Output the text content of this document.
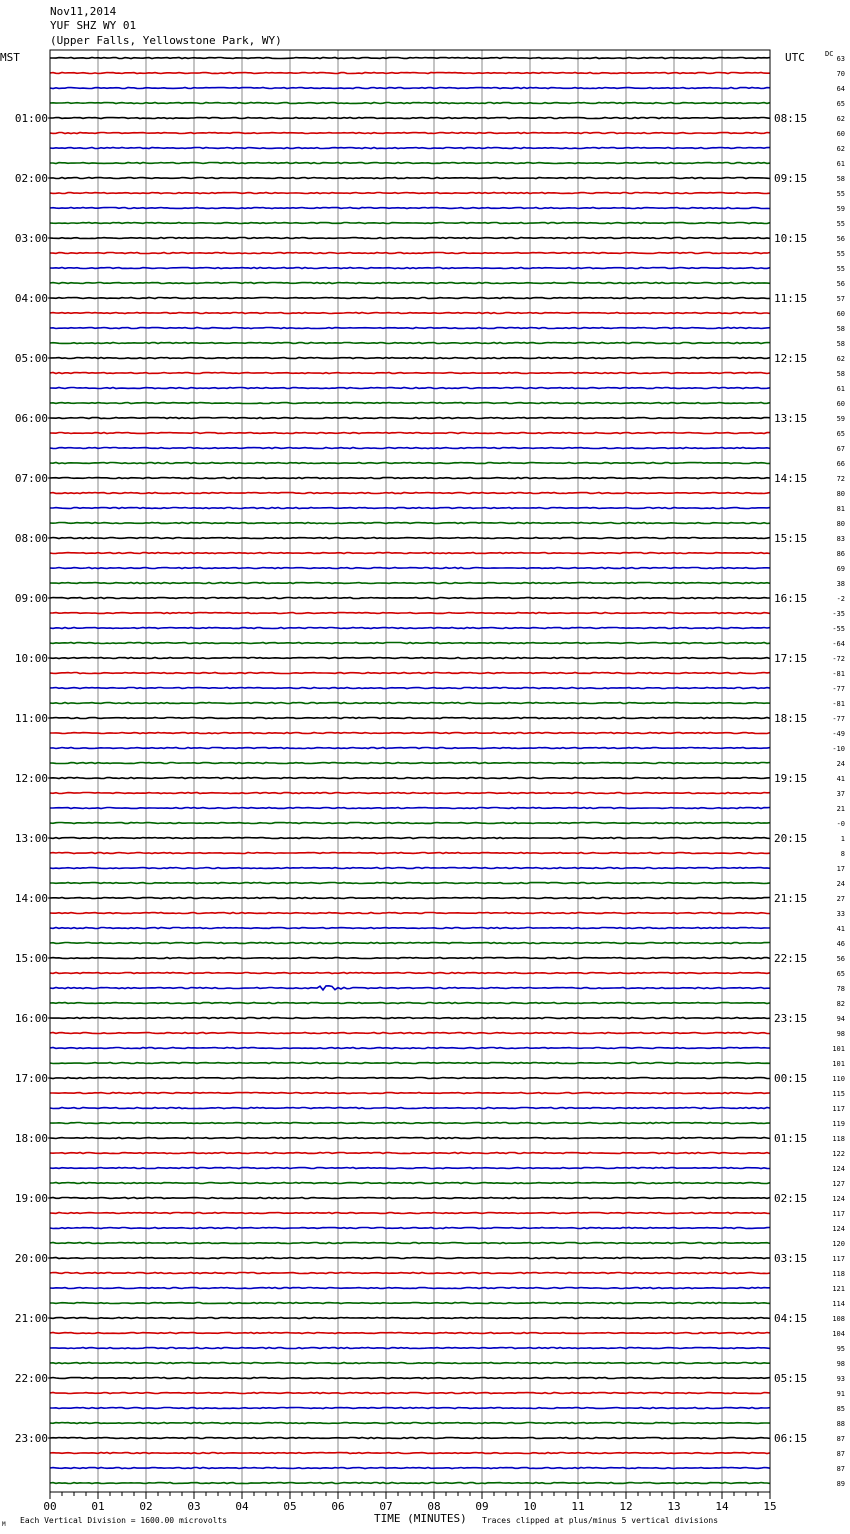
Nov11,2014
YUF SHZ WY 01
(Upper Falls, Yellowstone Park, WY)
01:00
02:00
03:00
04:00
05:00
06:00
07:00
08:00
09:00
10:00
11:00
12:00
13:00
14:00
15:00
16:00
17:00
18:00
19:00
20:00
21:00
22:00
23:00
08:15
09:15
10:15
11:15
12:15
13:15
14:15
15:15
16:15
17:15
18:15
19:15
20:15
21:15
22:15
23:15
00:15
01:15
02:15
03:15
04:15
05:15
06:15
63
70
64
65
62
60
62
61
58
55
59
55
56
55
55
56
57
60
58
58
62
58
61
60
59
65
67
66
72
80
81
80
83
86
69
38
-2
-35
-55
-64
-72
-81
-77
-81
-77
-49
-10
24
41
37
21
-0
1
8
17
24
27
33
41
46
56
65
78
82
94
98
101
101
110
115
117
119
118
122
124
127
124
117
124
120
117
118
121
114
108
104
95
98
93
91
85
88
87
87
87
89
00	01	02	03	04	05	06	07	08	09	10	11	12	13	14	15
MST	UTC	DC
M Each Vertical Division = 1600.00 microvolts	TIME (MINUTES) Traces clipped at plus/minus 5 vertical divisions
